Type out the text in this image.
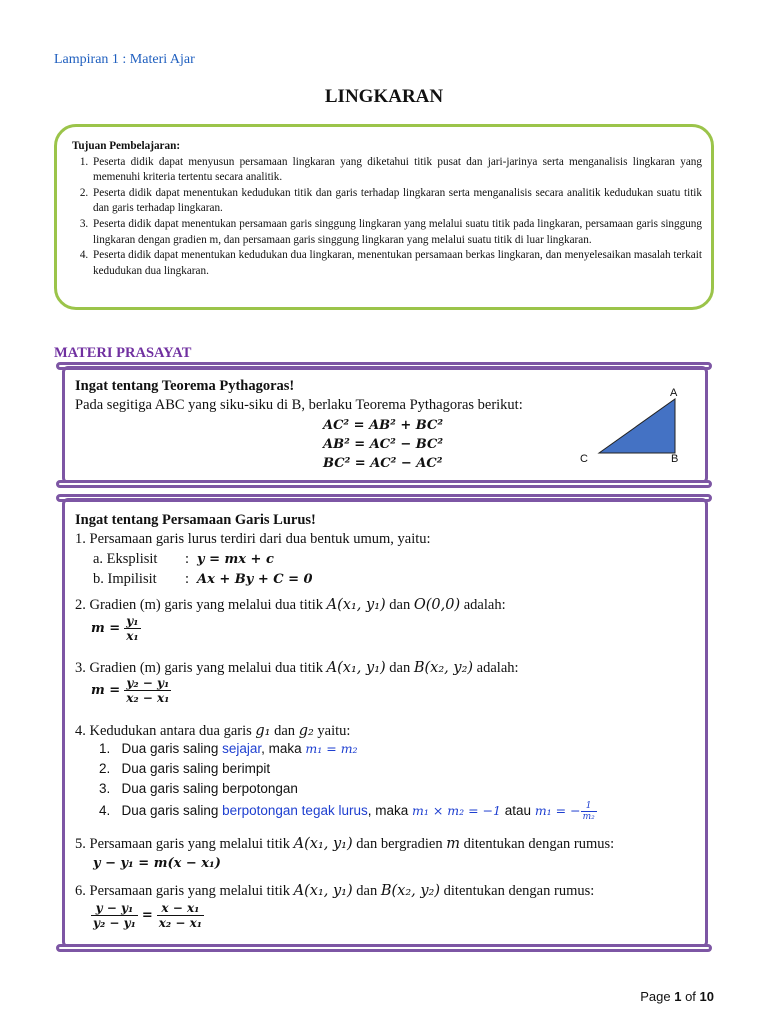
Lampiran 1 : Materi Ajar
LINGKARAN
Tujuan Pembelajaran:
1. Peserta didik dapat menyusun persamaan lingkaran yang diketahui titik pusat dan jari-jarinya serta menganalisis lingkaran yang memenuhi kriteria tertentu secara analitik.
2. Peserta didik dapat menentukan kedudukan titik dan garis terhadap lingkaran serta menganalisis secara analitik kedudukan suatu titik dan garis terhadap lingkaran.
3. Peserta didik dapat menentukan persamaan garis singgung lingkaran yang melalui suatu titik pada lingkaran, persamaan garis singgung lingkaran dengan gradien m, dan persamaan garis singgung lingkaran yang melalui suatu titik di luar lingkaran.
4. Peserta didik dapat menentukan kedudukan dua lingkaran, menentukan persamaan berkas lingkaran, dan menyelesaikan masalah terkait kedudukan dua lingkaran.
MATERI PRASAYAT
Ingat tentang Teorema Pythagoras!
Pada segitiga ABC yang siku-siku di B, berlaku Teorema Pythagoras berikut:
AC² = AB² + BC²
AB² = AC² − BC²
BC² = AC² − AC²
A
C	B
Ingat tentang Persamaan Garis Lurus!
1. Persamaan garis lurus terdiri dari dua bentuk umum, yaitu:
a. Eksplisit : y = mx + c
b. Impilisit : Ax + By + C = 0
2. Gradien (m) garis yang melalui dua titik A(x₁, y₁) dan O(0,0) adalah:
$m = \frac{\text{y₁}}{\text{x₁}}$
3. Gradien (m) garis yang melalui dua titik A(x₁, y₁) dan B(x₂, y₂) adalah:
$m = \frac{\text{y₂ − y₁}}{\text{x₂ − x₁}}$
4. Kedudukan antara dua garis g₁ dan g₂ yaitu:
1. Dua garis saling sejajar, maka m₁ = m₂
2. Dua garis saling berimpit
3. Dua garis saling berpotongan
4. Dua garis saling berpotongan tegak lurus, maka m₁ × m₂ = −1 atau m₁ = − $\frac{1}{\text{m₂}}$
5. Persamaan garis yang melalui titik A(x₁, y₁) dan bergradien m ditentukan dengan rumus:
y − y₁ = m(x − x₁)
6. Persamaan garis yang melalui titik A(x₁, y₁) dan B(x₂, y₂) ditentukan dengan rumus:
$\frac{\text{y − y₁}}{\text{y₂ − y₁}} = \frac{\text{x − x₁}}{\text{x₂ − x₁}}$
Page 1 of 10
